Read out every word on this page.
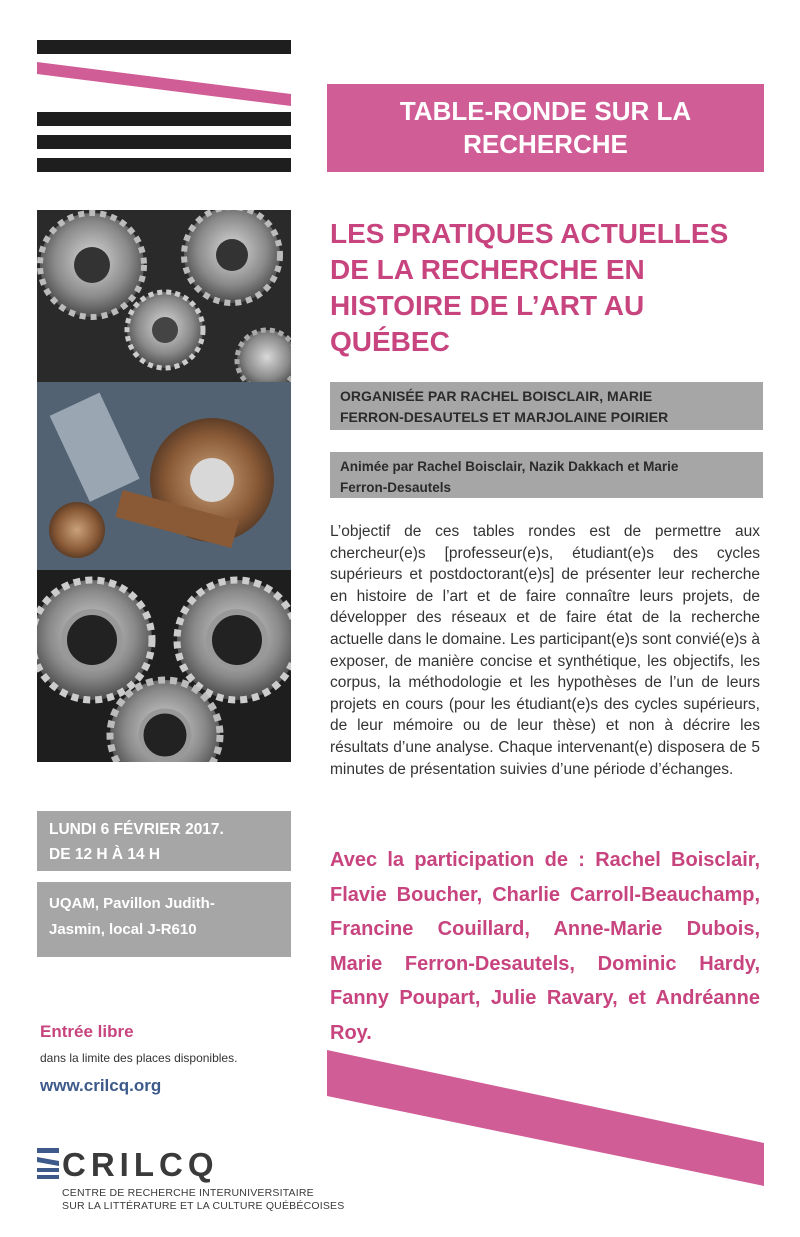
TABLE-RONDE SUR LA
RECHERCHE
LES PRATIQUES ACTUELLES
DE LA RECHERCHE EN
HISTOIRE DE L’ART AU
QUÉBEC
ORGANISÉE PAR RACHEL BOISCLAIR, MARIE
FERRON-DESAUTELS ET MARJOLAINE POIRIER
Animée par Rachel Boisclair, Nazik Dakkach et Marie
Ferron-Desautels
L’objectif de ces tables rondes est de permettre aux chercheur(e)s [professeur(e)s, étudiant(e)s des cycles supérieurs et postdoctorant(e)s] de présenter leur recherche en histoire de l’art et de faire connaître leurs projets, de développer des réseaux et de faire état de la recherche actuelle dans le domaine. Les participant(e)s sont convié(e)s à exposer, de manière concise et synthétique, les objectifs, les corpus, la méthodologie et les hypothèses de l’un de leurs projets en cours (pour les étudiant(e)s des cycles supérieurs, de leur mémoire ou de leur thèse) et non à décrire les résultats d’une analyse. Chaque intervenant(e) disposera de 5 minutes de présentation suivies d’une période d’échanges.
Avec la participation de : Rachel Boisclair, Flavie Boucher, Charlie Carroll-Beauchamp, Francine Couillard, Anne-Marie Dubois, Marie Ferron-Desautels, Dominic Hardy, Fanny Poupart, Julie Ravary, et Andréanne Roy.
LUNDI 6 FÉVRIER 2017.
DE 12 H À 14 H
UQAM, Pavillon Judith-
Jasmin, local J-R610
Entrée libre
dans la limite des places disponibles.
www.crilcq.org
CRILCQ
CENTRE DE RECHERCHE INTERUNIVERSITAIRE
SUR LA LITTÉRATURE ET LA CULTURE QUÉBÉCOISES
